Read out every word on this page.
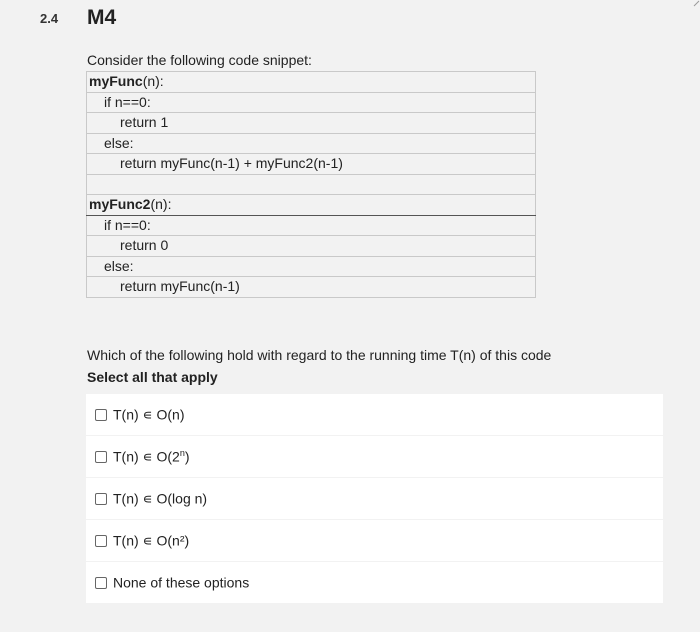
2.4 M4
Consider the following code snippet:
myFunc(n):
if n==0:
return 1
else:
return myFunc(n-1) + myFunc2(n-1)

myFunc2(n):
if n==0:
return 0
else:
return myFunc(n-1)
Which of the following hold with regard to the running time T(n) of this code
Select all that apply
T(n) ∊ O(n)
T(n) ∊ O(2$^n$)
T(n) ∊ O(log n)
T(n) ∊ O(n²)
None of these options
